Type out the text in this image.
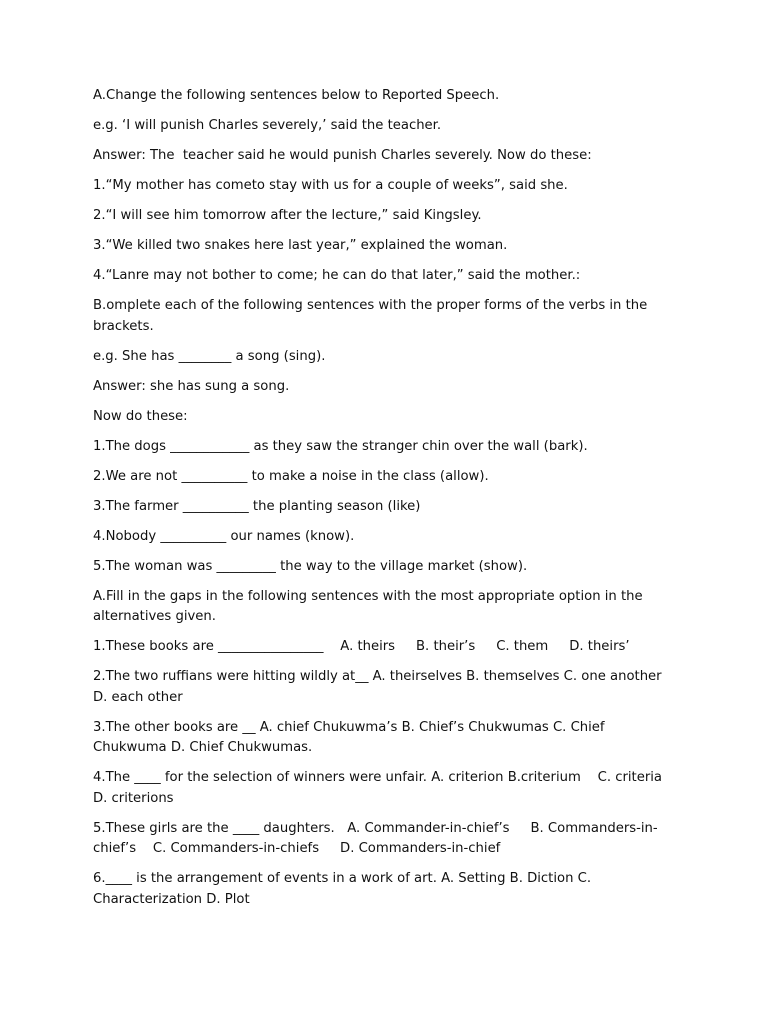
A.Change the following sentences below to Reported Speech.

e.g. ‘I will punish Charles severely,’ said the teacher.

Answer: The  teacher said he would punish Charles severely. Now do these:

1.“My mother has cometo stay with us for a couple of weeks”, said she.

2.“I will see him tomorrow after the lecture,” said Kingsley.

3.“We killed two snakes here last year,” explained the woman.

4.“Lanre may not bother to come; he can do that later,” said the mother.:

B.omplete each of the following sentences with the proper forms of the verbs in the brackets.

e.g. She has ________ a song (sing).

Answer: she has sung a song.

Now do these:

1.The dogs ____________ as they saw the stranger chin over the wall (bark).

2.We are not __________ to make a noise in the class (allow).

3.The farmer __________ the planting season (like)

4.Nobody __________ our names (know).

5.The woman was _________ the way to the village market (show).

A.Fill in the gaps in the following sentences with the most appropriate option in the alternatives given.

1.These books are ________________    A. theirs     B. their’s     C. them     D. theirs’

2.The two ruffians were hitting wildly at__ A. theirselves B. themselves C. one another D. each other

3.The other books are __ A. chief Chukuwma’s B. Chief’s Chukwumas C. Chief Chukwuma D. Chief Chukwumas.

4.The ____ for the selection of winners were unfair. A. criterion B.criterium    C. criteria   D. criterions

5.These girls are the ____ daughters.   A. Commander-in-chief’s     B. Commanders-in-chief’s    C. Commanders-in-chiefs     D. Commanders-in-chief

6.____ is the arrangement of events in a work of art. A. Setting B. Diction C. Characterization D. Plot
